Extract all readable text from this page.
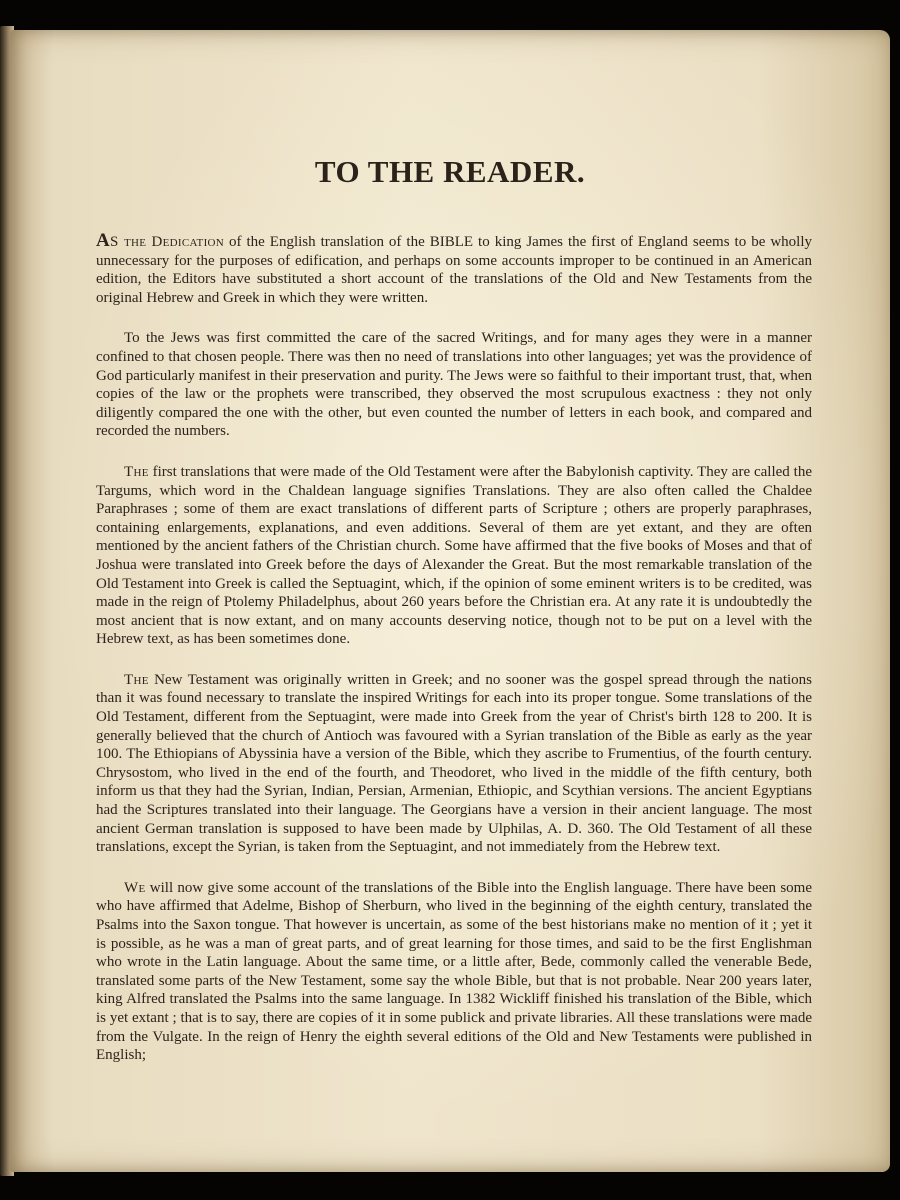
TO THE READER.

AS the Dedication of the English translation of the BIBLE to king James the first of England seems to be wholly unnecessary for the purposes of edification, and perhaps on some accounts improper to be continued in an American edition, the Editors have substituted a short account of the translations of the Old and New Testaments from the original Hebrew and Greek in which they were written.

To the Jews was first committed the care of the sacred Writings, and for many ages they were in a manner confined to that chosen people. There was then no need of translations into other languages; yet was the providence of God particularly manifest in their preservation and purity. The Jews were so faithful to their important trust, that, when copies of the law or the prophets were transcribed, they observed the most scrupulous exactness : they not only diligently compared the one with the other, but even counted the number of letters in each book, and compared and recorded the numbers.

The first translations that were made of the Old Testament were after the Babylonish captivity. They are called the Targums, which word in the Chaldean language signifies Translations. They are also often called the Chaldee Paraphrases ; some of them are exact translations of different parts of Scripture ; others are properly paraphrases, containing enlargements, explanations, and even additions. Several of them are yet extant, and they are often mentioned by the ancient fathers of the Christian church. Some have affirmed that the five books of Moses and that of Joshua were translated into Greek before the days of Alexander the Great. But the most remarkable translation of the Old Testament into Greek is called the Septuagint, which, if the opinion of some eminent writers is to be credited, was made in the reign of Ptolemy Philadelphus, about 260 years before the Christian era. At any rate it is undoubtedly the most ancient that is now extant, and on many accounts deserving notice, though not to be put on a level with the Hebrew text, as has been sometimes done.

The New Testament was originally written in Greek; and no sooner was the gospel spread through the nations than it was found necessary to translate the inspired Writings for each into its proper tongue. Some translations of the Old Testament, different from the Septuagint, were made into Greek from the year of Christ's birth 128 to 200. It is generally believed that the church of Antioch was favoured with a Syrian translation of the Bible as early as the year 100. The Ethiopians of Abyssinia have a version of the Bible, which they ascribe to Frumentius, of the fourth century. Chrysostom, who lived in the end of the fourth, and Theodoret, who lived in the middle of the fifth century, both inform us that they had the Syrian, Indian, Persian, Armenian, Ethiopic, and Scythian versions. The ancient Egyptians had the Scriptures translated into their language. The Georgians have a version in their ancient language. The most ancient German translation is supposed to have been made by Ulphilas, A. D. 360. The Old Testament of all these translations, except the Syrian, is taken from the Septuagint, and not immediately from the Hebrew text.

We will now give some account of the translations of the Bible into the English language. There have been some who have affirmed that Adelme, Bishop of Sherburn, who lived in the beginning of the eighth century, translated the Psalms into the Saxon tongue. That however is uncertain, as some of the best historians make no mention of it ; yet it is possible, as he was a man of great parts, and of great learning for those times, and said to be the first Englishman who wrote in the Latin language. About the same time, or a little after, Bede, commonly called the venerable Bede, translated some parts of the New Testament, some say the whole Bible, but that is not probable. Near 200 years later, king Alfred translated the Psalms into the same language. In 1382 Wickliff finished his translation of the Bible, which is yet extant ; that is to say, there are copies of it in some publick and private libraries. All these translations were made from the Vulgate. In the reign of Henry the eighth several editions of the Old and New Testaments were published in English;
